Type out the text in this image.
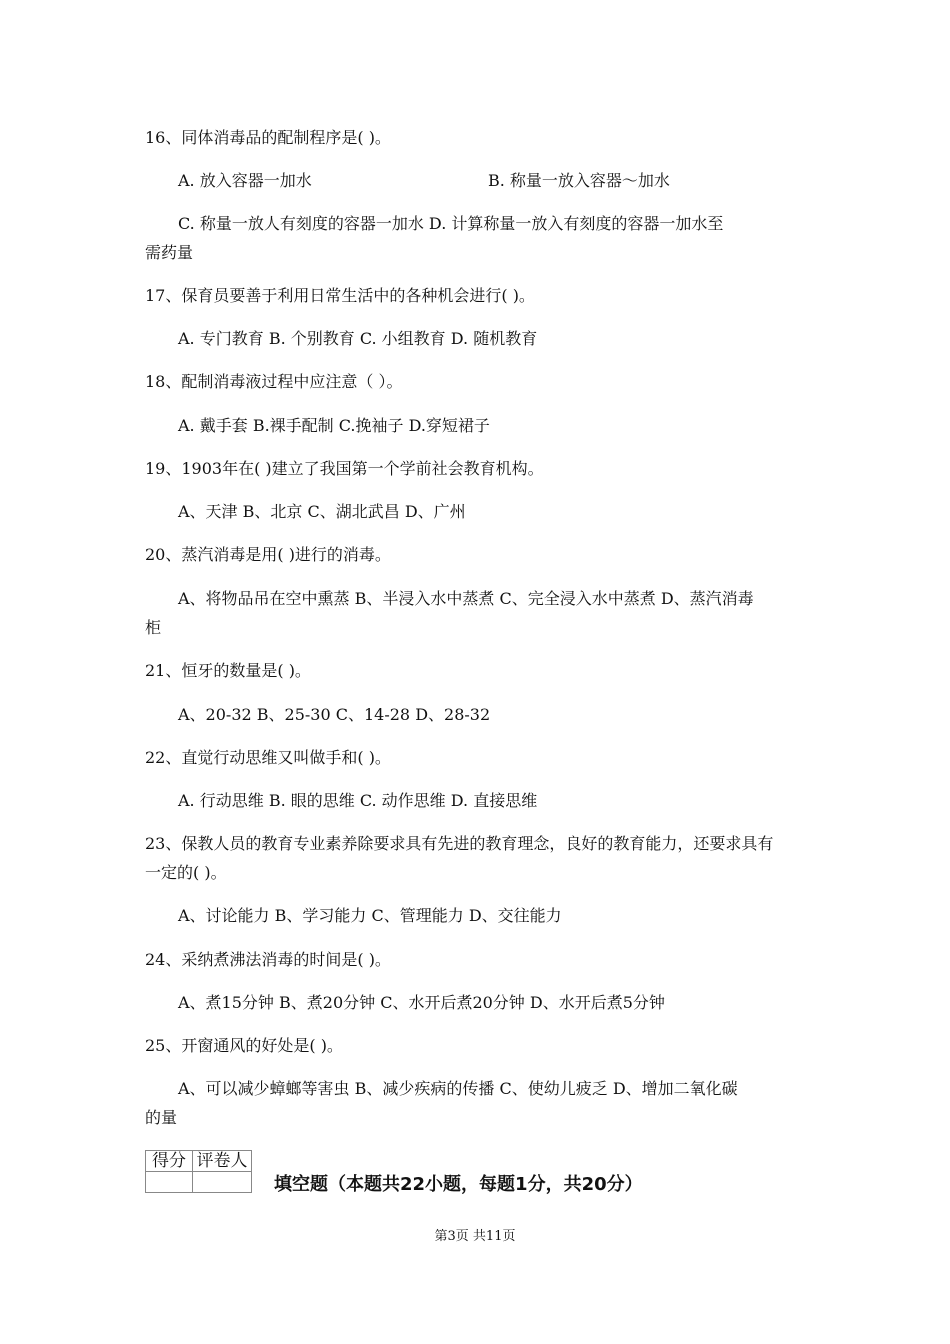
16、同体消毒品的配制程序是( )。
A. 放入容器一加水	B. 称量一放入容器～加水
C. 称量一放人有刻度的容器一加水 D. 计算称量一放入有刻度的容器一加水至
需药量
17、保育员要善于利用日常生活中的各种机会进行( )。
A. 专门教育 B. 个别教育 C. 小组教育 D. 随机教育
18、配制消毒液过程中应注意（ ）。
A. 戴手套 B.裸手配制 C.挽袖子 D.穿短裙子
19、1903年在( )建立了我国第一个学前社会教育机构。
A、天津 B、北京 C、湖北武昌 D、广州
20、蒸汽消毒是用( )进行的消毒。
A、将物品吊在空中熏蒸 B、半浸入水中蒸煮 C、完全浸入水中蒸煮 D、蒸汽消毒
柜
21、恒牙的数量是( )。
A、20-32 B、25-30 C、14-28 D、28-32
22、直觉行动思维又叫做手和( )。
A. 行动思维 B. 眼的思维 C. 动作思维 D. 直接思维
23、保教人员的教育专业素养除要求具有先进的教育理念，良好的教育能力，还要求具有
一定的( )。
A、讨论能力 B、学习能力 C、管理能力 D、交往能力
24、采纳煮沸法消毒的时间是( )。
A、煮15分钟 B、煮20分钟 C、水开后煮20分钟 D、水开后煮5分钟
25、开窗通风的好处是( )。
A、可以减少蟑螂等害虫 B、减少疾病的传播 C、使幼儿疲乏 D、增加二氧化碳
的量
得分	评卷人

填空题（本题共22小题，每题1分，共20分）
第3页 共11页
